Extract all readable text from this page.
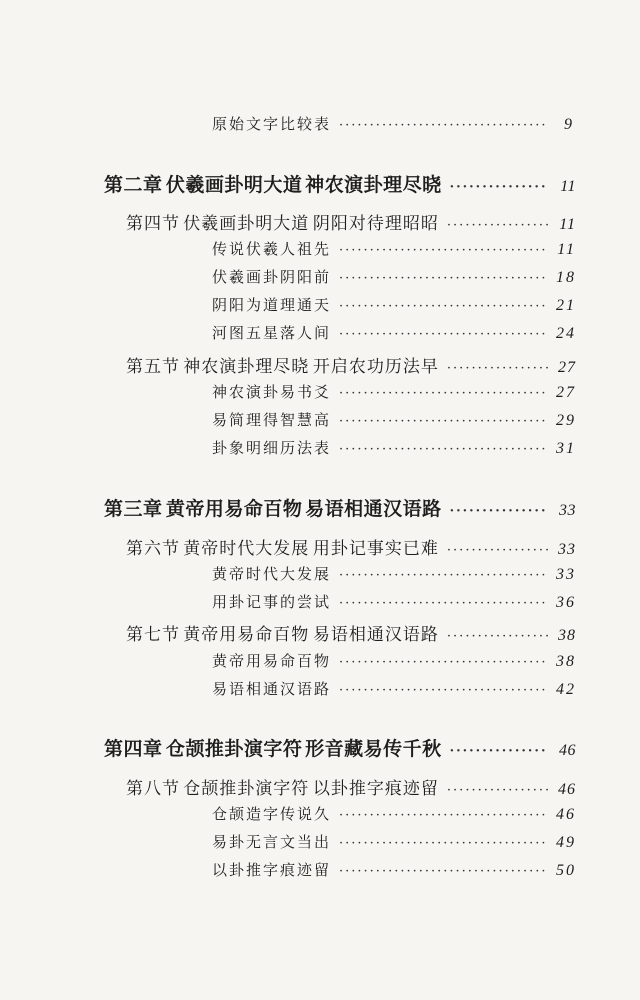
原始文字比较表 ·····	9
第二章 伏羲画卦明大道 神农演卦理尽晓 ·····	11
第四节 伏羲画卦明大道 阴阳对待理昭昭 ·····	11
传说伏羲人祖先 ·····	11
伏羲画卦阴阳前 ·····	18
阴阳为道理通天 ·····	21
河图五星落人间 ·····	24
第五节 神农演卦理尽晓 开启农功历法早 ·····	27
神农演卦易书爻 ·····	27
易简理得智慧高 ·····	29
卦象明细历法表 ·····	31
第三章 黄帝用易命百物 易语相通汉语路 ·····	33
第六节 黄帝时代大发展 用卦记事实已难 ·····	33
黄帝时代大发展 ·····	33
用卦记事的尝试 ·····	36
第七节 黄帝用易命百物 易语相通汉语路 ·····	38
黄帝用易命百物 ·····	38
易语相通汉语路 ·····	42
第四章 仓颉推卦演字符 形音藏易传千秋 ·····	46
第八节 仓颉推卦演字符 以卦推字痕迹留 ·····	46
仓颉造字传说久 ·····	46
易卦无言文当出 ·····	49
以卦推字痕迹留 ·····	50
